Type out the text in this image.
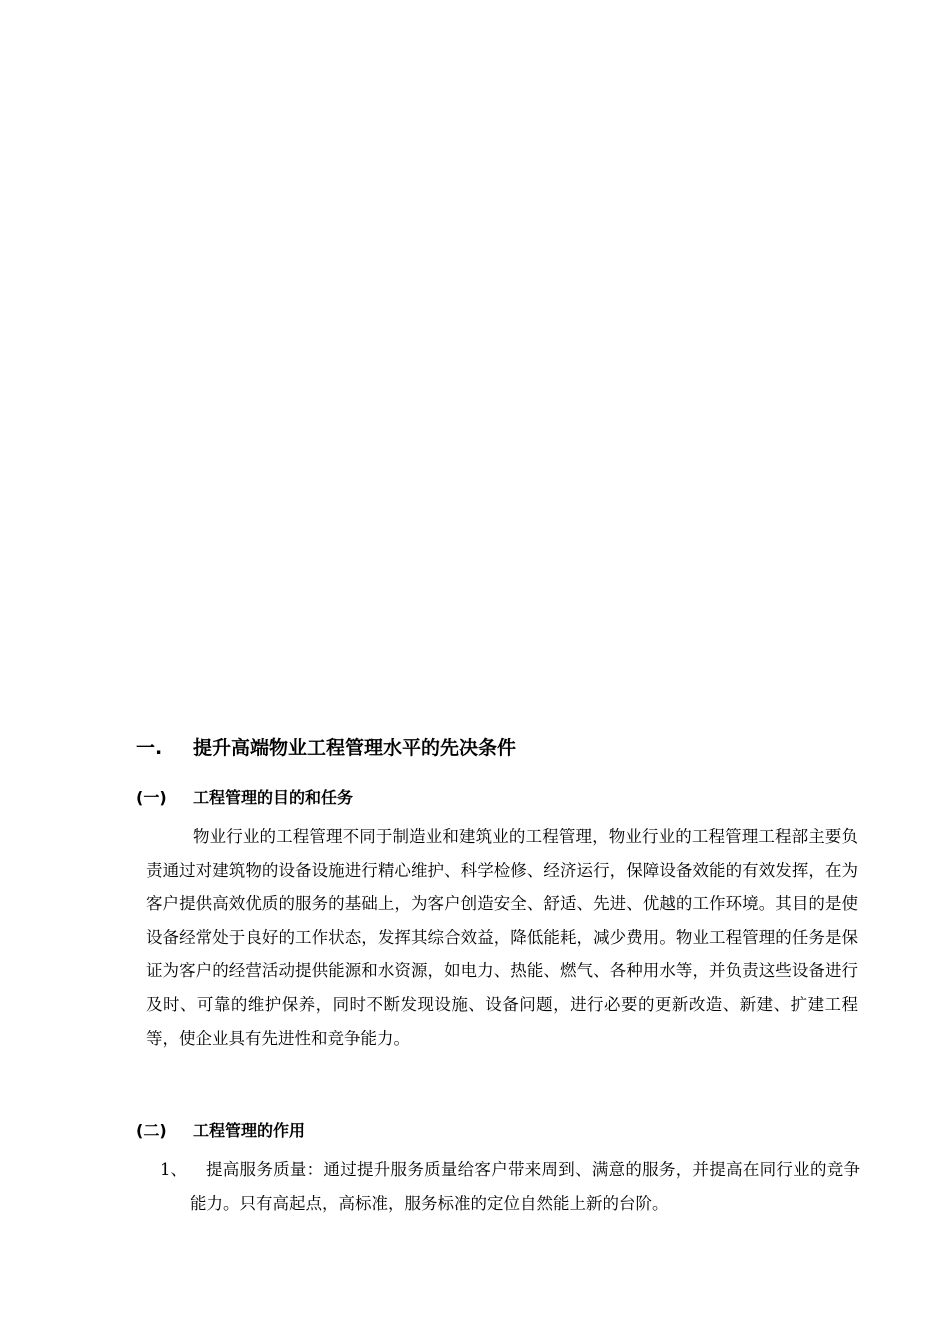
一. 提升高端物业工程管理水平的先决条件
(一) 工程管理的目的和任务

物业行业的工程管理不同于制造业和建筑业的工程管理，物业行业的工程管理工程部主要负责通过对建筑物的设备设施进行精心维护、科学检修、经济运行，保障设备效能的有效发挥，在为客户提供高效优质的服务的基础上，为客户创造安全、舒适、先进、优越的工作环境。其目的是使设备经常处于良好的工作状态，发挥其综合效益，降低能耗，减少费用。物业工程管理的任务是保证为客户的经营活动提供能源和水资源，如电力、热能、燃气、各种用水等，并负责这些设备进行及时、可靠的维护保养，同时不断发现设施、设备问题，进行必要的更新改造、新建、扩建工程等，使企业具有先进性和竞争能力。

(二) 工程管理的作用
1、	提高服务质量：通过提升服务质量给客户带来周到、满意的服务，并提高在同行业的竞争能力。只有高起点，高标准，服务标准的定位自然能上新的台阶。
